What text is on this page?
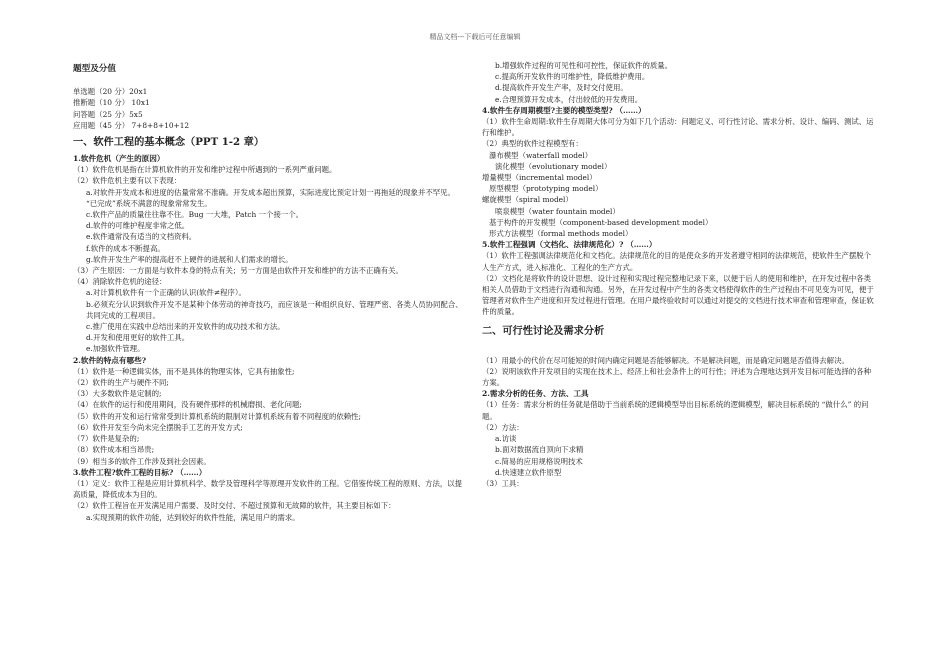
精品文档---下载后可任意编辑

题型及分值

单选题（20 分）20x1

推断题（10 分） 10x1

问答题（25 分）5x5

应用题（45 分） 7+8+8+10+12

一、软件工程的基本概念（PPT 1-2 章）

1.软件危机（产生的原因）

（1）软件危机是指在计算机软件的开发和维护过程中所遇到的一系列严重问题。

（2）软件危机主要有以下表现：

a.对软件开发成本和进度的估量常常不准确。开发成本超出预算，实际进度比预定计划一再拖延的现象并不罕见。

“已完成”系统不满意的现象常常发生。

c.软件产品的质量往往靠不住。Bug 一大堆，Patch 一个接一个。

d.软件的可维护程度非常之低。

e.软件通常没有适当的文档资料。

f.软件的成本不断提高。

g.软件开发生产率的提高赶不上硬件的进展和人们需求的增长。

（3）产生原因：一方面是与软件本身的特点有关；另一方面是由软件开发和维护的方法不正确有关。

（4）消除软件危机的途径：

a.对计算机软件有一个正确的认识(软件≠程序）。

b.必须充分认识到软件开发不是某种个体劳动的神奇技巧，而应该是一种组织良好、管理严密、各类人员协同配合、共同完成的工程项目。

c.推广使用在实践中总结出来的开发软件的成功技术和方法。

d.开发和使用更好的软件工具。

e.加强软件管理。

2.软件的特点有哪些?

（1）软件是一种逻辑实体，而不是具体的物理实体，它具有抽象性;

（2）软件的生产与硬件不同;

（3）大多数软件是定制的;

（4）在软件的运行和使用期间，没有硬件那样的机械磨损、老化问题;

（5）软件的开发和运行常常受到计算机系统的限制对计算机系统有着不同程度的依赖性;

（6）软件开发至今尚未完全摆脱手工艺的开发方式;

（7）软件是复杂的;

（8）软件成本相当昂贵;

（9）相当多的软件工作涉及到社会因素。

3.软件工程?软件工程的目标? （……）

（1）定义：软件工程是应用计算机科学、数学及管理科学等原理开发软件的工程。它借鉴传统工程的原则、方法，以提高质量，降低成本为目的。

（2）软件工程旨在开发满足用户需要、及时交付、不超过预算和无故障的软件，其主要目标如下：

a.实现预期的软件功能，达到较好的软件性能，满足用户的需求。

b.增强软件过程的可见性和可控性，保证软件的质量。

c.提高所开发软件的可维护性，降低维护费用。

d.提高软件开发生产率，及时交付使用。

e.合理预算开发成本，付出较低的开发费用。

4.软件生存周期模型?主要的模型类型? （……）

（1）软件生命周期:软件生存周期大体可分为如下几个活动：问题定义、可行性讨论、需求分析、设计、编码、测试、运行和维护。

（2）典型的软件过程模型有：

瀑布模型（waterfall model）

演化模型（evolutionary model）

增量模型（incremental model）

原型模型（prototyping model）

螺旋模型（spiral model）

喷泉模型（water fountain model）

基于构件的开发模型（component-based development model）

形式方法模型（formal methods model）

5.软件工程强调（文档化、法律规范化）? （……）

（1）软件工程强调法律规范化和文档化。法律规范化的目的是使众多的开发者遵守相同的法律规范，使软件生产摆脱个人生产方式，进入标准化、工程化的生产方式。

（2）文档化是将软件的设计思想、设计过程和实现过程完整地记录下来，以便于后人的使用和维护，在开发过程中各类相关人员借助于文档进行沟通和沟通。另外，在开发过程中产生的各类文档使得软件的生产过程由不可见变为可见，便于管理者对软件生产进度和开发过程进行管理。在用户最终验收时可以通过对提交的文档进行技术审查和管理审查，保证软件的质量。

二、可行性讨论及需求分析

（1）用最小的代价在尽可能短的时间内确定问题是否能够解决。不是解决问题，而是确定问题是否值得去解决。

（2）说明该软件开发项目的实现在技术上、经济上和社会条件上的可行性；评述为合理地达到开发目标可能选择的各种方案。

2.需求分析的任务、方法、工具

（1）任务：需求分析的任务就是借助于当前系统的逻辑模型导出目标系统的逻辑模型，解决目标系统的 “做什么” 的问题。

（2）方法：

a.访谈

b.面对数据流自顶向下求精

c.简易的应用规格说明技术

d.快速建立软件原型

（3）工具：
